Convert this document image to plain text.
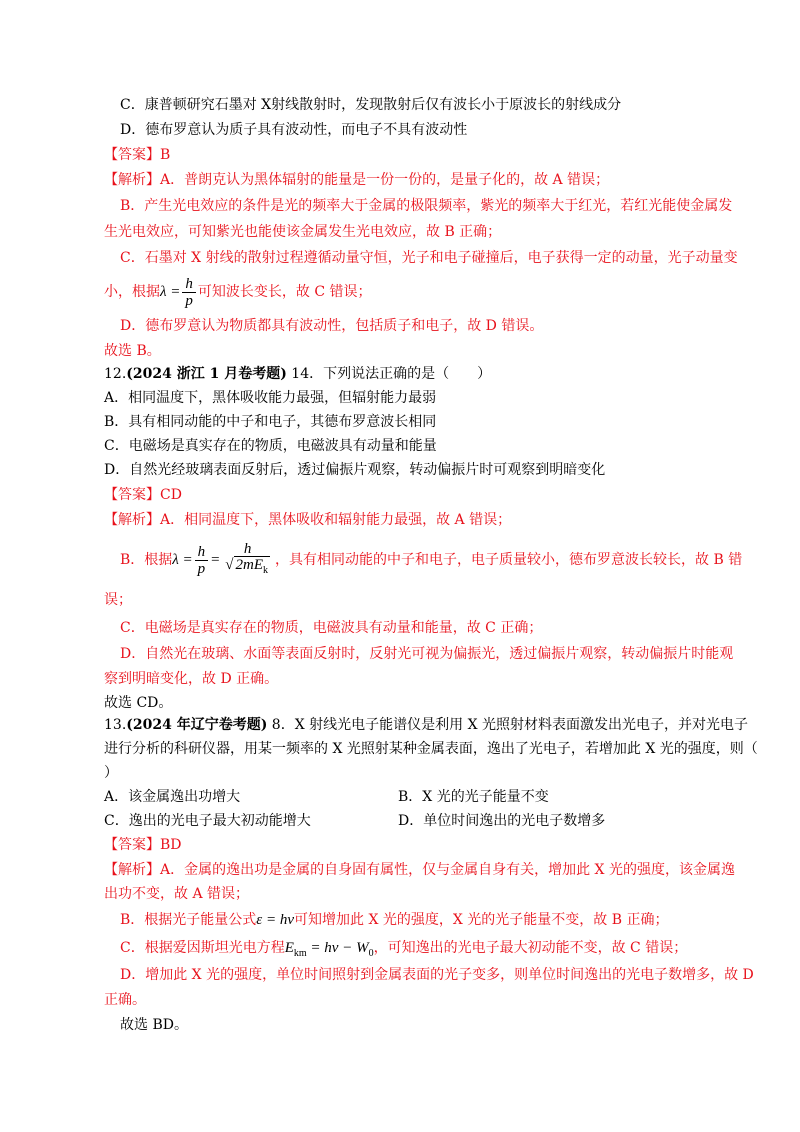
C．康普顿研究石墨对 X射线散射时，发现散射后仅有波长小于原波长的射线成分
D．德布罗意认为质子具有波动性，而电子不具有波动性
【答案】B
【解析】A．普朗克认为黑体辐射的能量是一份一份的，是量子化的，故 A 错误；
B．产生光电效应的条件是光的频率大于金属的极限频率，紫光的频率大于红光，若红光能使金属发
生光电效应，可知紫光也能使该金属发生光电效应，故 B 正确；
C．石墨对 X 射线的散射过程遵循动量守恒，光子和电子碰撞后，电子获得一定的动量，光子动量变
小，根据$\lambda = \frac{h}{p}$ 可知波长变长，故 C 错误；
D．德布罗意认为物质都具有波动性，包括质子和电子，故 D 错误。
故选 B。
12.(2024 浙江 1 月卷考题) 14．下列说法正确的是（　　）
A．相同温度下，黑体吸收能力最强，但辐射能力最弱
B．具有相同动能的中子和电子，其德布罗意波长相同
C．电磁场是真实存在的物质，电磁波具有动量和能量
D．自然光经玻璃表面反射后，透过偏振片观察，转动偏振片时可观察到明暗变化
【答案】CD
【解析】A．相同温度下，黑体吸收和辐射能力最强，故 A 错误；
B．根据$\lambda = \frac{h}{p}$ =
h
√ $2mE_k$
，具有相同动能的中子和电子，电子质量较小，德布罗意波长较长，故 B 错
误；
C．电磁场是真实存在的物质，电磁波具有动量和能量，故 C 正确；
D．自然光在玻璃、水面等表面反射时，反射光可视为偏振光，透过偏振片观察，转动偏振片时能观
察到明暗变化，故 D 正确。
故选 CD。
13.(2024 年辽宁卷考题) 8．X 射线光电子能谱仪是利用 X 光照射材料表面激发出光电子，并对光电子
进行分析的科研仪器，用某一频率的 X 光照射某种金属表面，逸出了光电子，若增加此 X 光的强度，则（
）
A．该金属逸出功增大	B．X 光的光子能量不变
C．逸出的光电子最大初动能增大	D．单位时间逸出的光电子数增多
【答案】BD
【解析】A．金属的逸出功是金属的自身固有属性，仅与金属自身有关，增加此 X 光的强度，该金属逸
出功不变，故 A 错误；
B．根据光子能量公式ε = hν可知增加此 X 光的强度，X 光的光子能量不变，故 B 正确；
C．根据爱因斯坦光电方程$E_{km} = h\nu - W_0$，可知逸出的光电子最大初动能不变，故 C 错误；
D．增加此 X 光的强度，单位时间照射到金属表面的光子变多，则单位时间逸出的光电子数增多，故 D
正确。
故选 BD。
